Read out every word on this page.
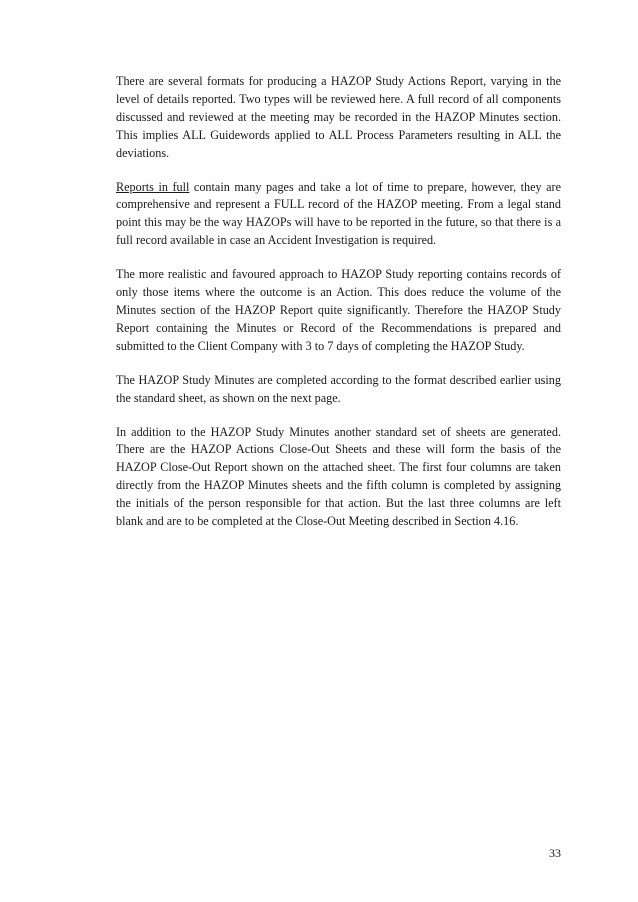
There are several formats for producing a HAZOP Study Actions Report, varying in the level of details reported. Two types will be reviewed here. A full record of all components discussed and reviewed at the meeting may be recorded in the HAZOP Minutes section. This implies ALL Guidewords applied to ALL Process Parameters resulting in ALL the deviations.

Reports in full contain many pages and take a lot of time to prepare, however, they are comprehensive and represent a FULL record of the HAZOP meeting. From a legal stand point this may be the way HAZOPs will have to be reported in the future, so that there is a full record available in case an Accident Investigation is required.

The more realistic and favoured approach to HAZOP Study reporting contains records of only those items where the outcome is an Action. This does reduce the volume of the Minutes section of the HAZOP Report quite significantly. Therefore the HAZOP Study Report containing the Minutes or Record of the Recommendations is prepared and submitted to the Client Company with 3 to 7 days of completing the HAZOP Study.

The HAZOP Study Minutes are completed according to the format described earlier using the standard sheet, as shown on the next page.

In addition to the HAZOP Study Minutes another standard set of sheets are generated. There are the HAZOP Actions Close-Out Sheets and these will form the basis of the HAZOP Close-Out Report shown on the attached sheet. The first four columns are taken directly from the HAZOP Minutes sheets and the fifth column is completed by assigning the initials of the person responsible for that action. But the last three columns are left blank and are to be completed at the Close-Out Meeting described in Section 4.16.

33
